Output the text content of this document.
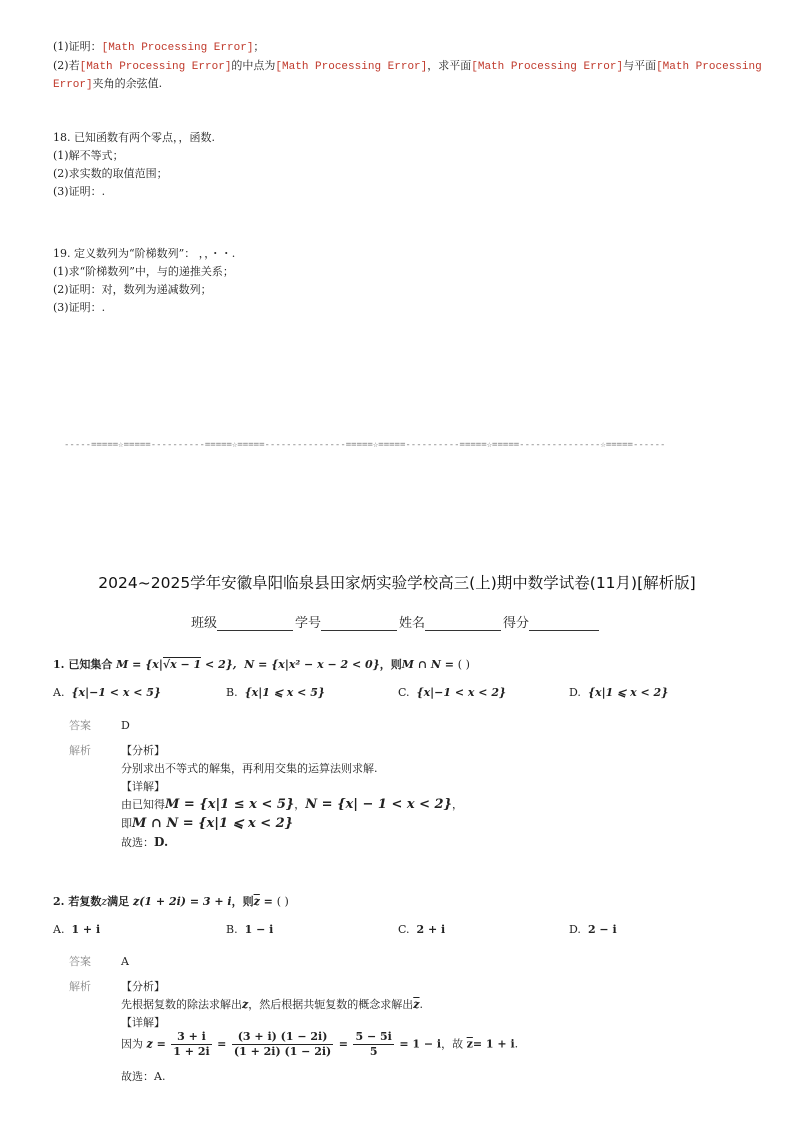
(1)证明：[Math Processing Error]；
(2)若[Math Processing Error]的中点为[Math Processing Error]，求平面[Math Processing Error]与平面[Math Processing
Error]夹角的余弦值.
18. 已知函数有两个零点，，函数.
(1)解不等式；
(2)求实数的取值范围；
(3)证明：.
19. 定义数列为“阶梯数列”： ，，・・.
(1)求“阶梯数列”中，与的递推关系；
(2)证明：对，数列为递减数列；
(3)证明：.
-----=====☆=====----------=====☆=====---------------=====☆=====----------=====☆=====---------------☆=====------
2024~2025学年安徽阜阳临泉县田家炳实验学校高三(上)期中数学试卷(11月)[解析版]
班级	学号	姓名	得分
1. 已知集合 M = {x|√x − 1 < 2},  N = {x|x² − x − 2 < 0}，则M ∩ N = ( )
A. {x|−1 < x < 5}	B. {x|1 ⩽ x < 5}	C. {x|−1 < x < 2}	D. {x|1 ⩽ x < 2}
答案	D
解析	【分析】
分别求出不等式的解集，再利用交集的运算法则求解.
【详解】
由已知得M = {x|1 ≤ x < 5}，N = {x| − 1 < x < 2}，
即M ∩ N = {x|1 ⩽ x < 2}
故选：D.
2. 若复数z满足 z(1 + 2i) = 3 + i，则$\overline{z}$ = ( )
A. 1 + i	B. 1 − i	C. 2 + i	D. 2 − i
答案	A
解析	【分析】
先根据复数的除法求解出z，然后根据共轭复数的概念求解出$\overline{z}$.
【详解】
因为 $z = \frac{3 + i}{1 + 2i} = \frac{(3 + i) (1 - 2i)}{(1 + 2i) (1 - 2i)} = \frac{5 - 5i}{5} = 1 - i$，故 $\overline{z}= 1 + i$.
故选：A.
